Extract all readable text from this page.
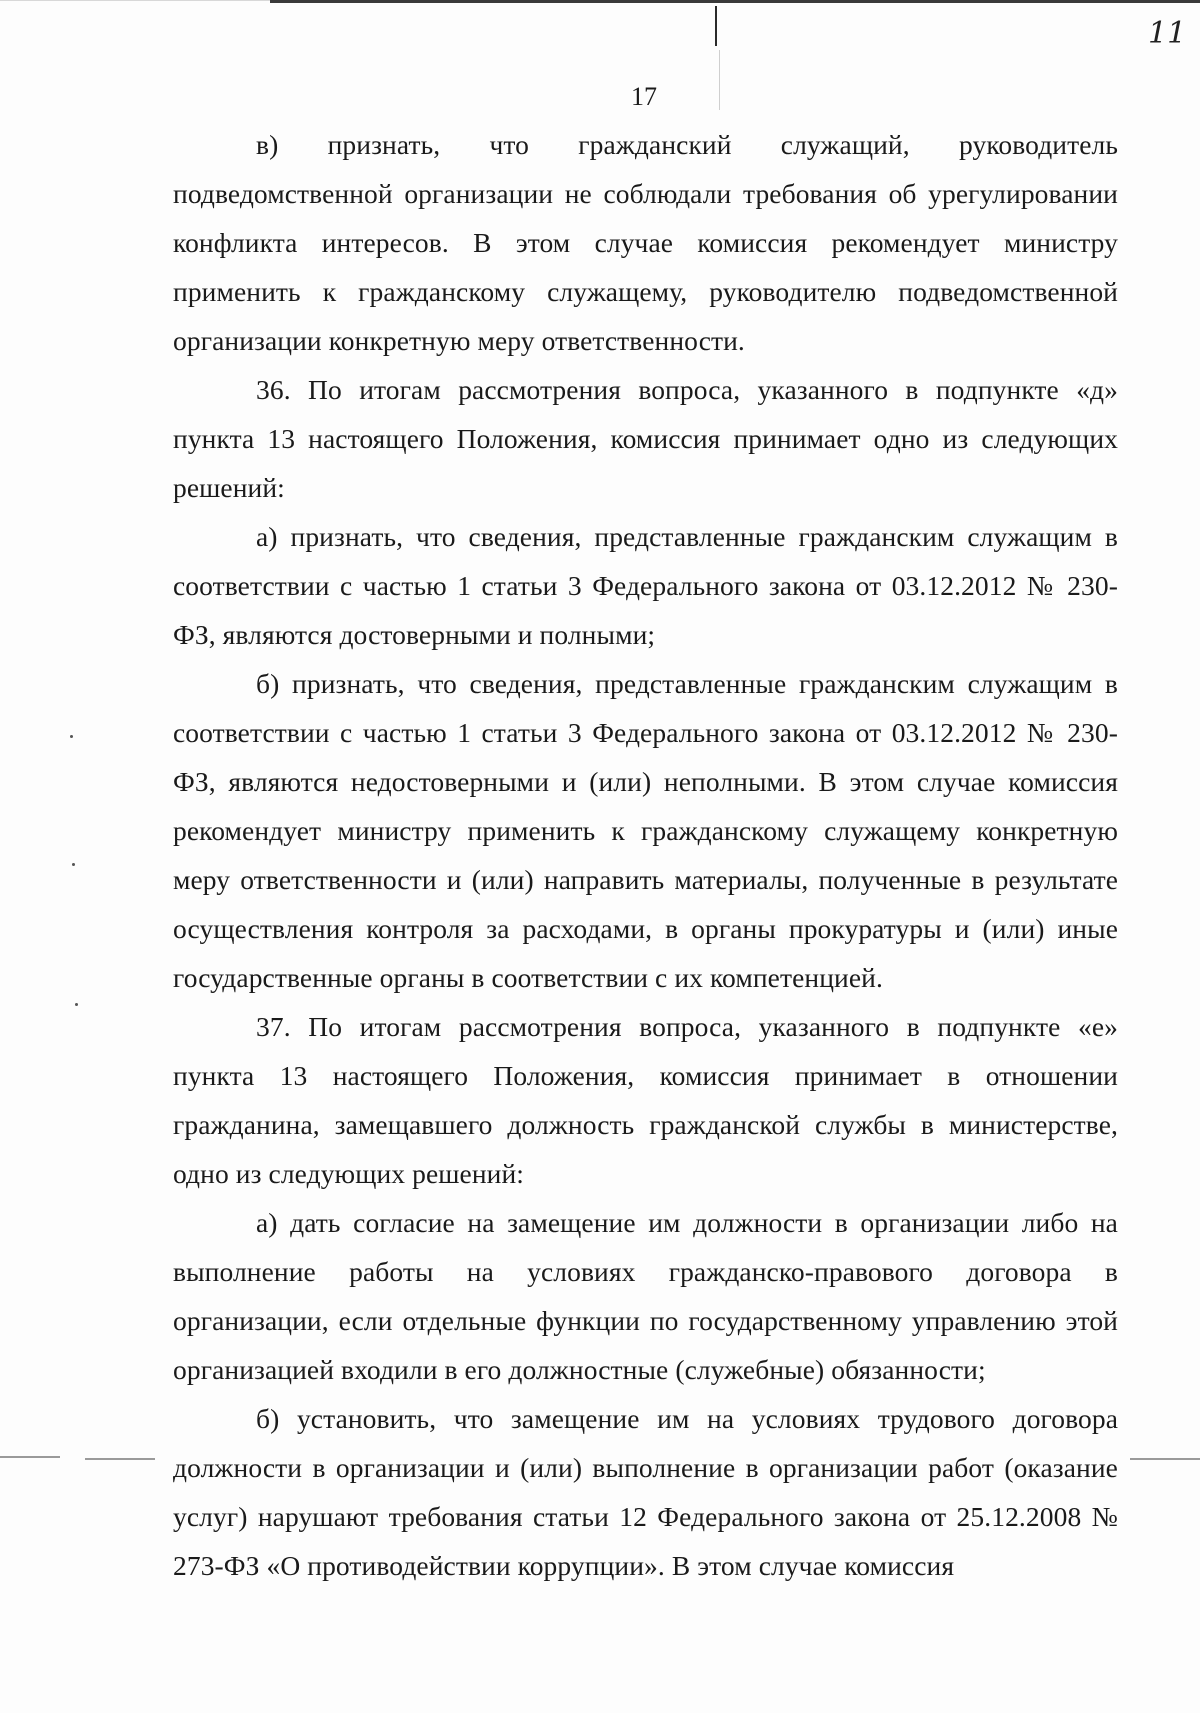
11
17

в) признать, что гражданский служащий, руководитель подведомственной организации не соблюдали требования об урегулировании конфликта интересов. В этом случае комиссия рекомендует министру применить к гражданскому служащему, руководителю подведомственной организации конкретную меру ответственности.

36. По итогам рассмотрения вопроса, указанного в подпункте «д» пункта 13 настоящего Положения, комиссия принимает одно из следующих решений:

а) признать, что сведения, представленные гражданским служащим в соответствии с частью 1 статьи 3 Федерального закона от 03.12.2012 № 230-ФЗ, являются достоверными и полными;

б) признать, что сведения, представленные гражданским служащим в соответствии с частью 1 статьи 3 Федерального закона от 03.12.2012 № 230-ФЗ, являются недостоверными и (или) неполными. В этом случае комиссия рекомендует министру применить к гражданскому служащему конкретную меру ответственности и (или) направить материалы, полученные в результате осуществления контроля за расходами, в органы прокуратуры и (или) иные государственные органы в соответствии с их компетенцией.

37. По итогам рассмотрения вопроса, указанного в подпункте «е» пункта 13 настоящего Положения, комиссия принимает в отношении гражданина, замещавшего должность гражданской службы в министерстве, одно из следующих решений:

а) дать согласие на замещение им должности в организации либо на выполнение работы на условиях гражданско-правового договора в организации, если отдельные функции по государственному управлению этой организацией входили в его должностные (служебные) обязанности;

б) установить, что замещение им на условиях трудового договора должности в организации и (или) выполнение в организации работ (оказание услуг) нарушают требования статьи 12 Федерального закона от 25.12.2008 № 273-ФЗ «О противодействии коррупции». В этом случае комиссия
